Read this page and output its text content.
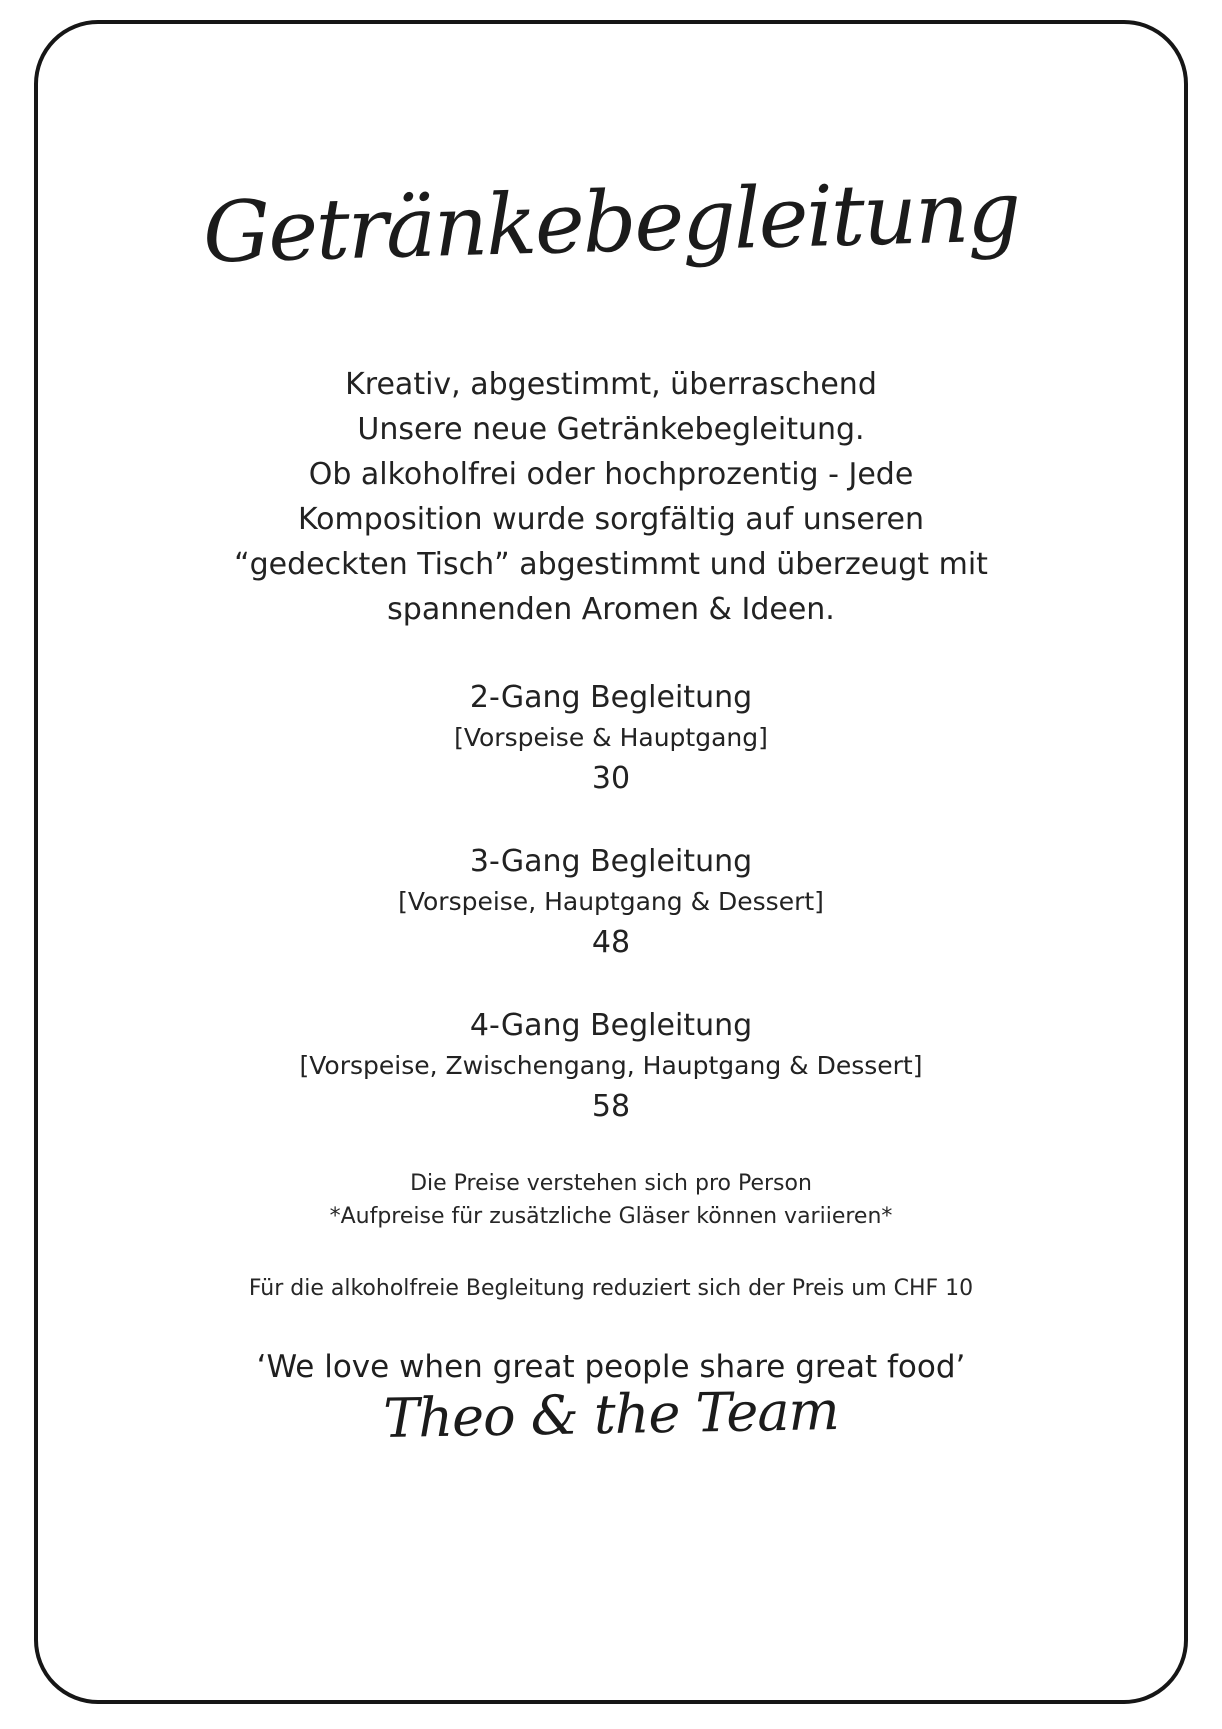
Getränkebegleitung
Kreativ, abgestimmt, überraschend
Unsere neue Getränkebegleitung.
Ob alkoholfrei oder hochprozentig - Jede
Komposition wurde sorgfältig auf unseren
“gedeckten Tisch” abgestimmt und überzeugt mit
spannenden Aromen & Ideen.
2-Gang Begleitung
[Vorspeise & Hauptgang]
30
3-Gang Begleitung
[Vorspeise, Hauptgang & Dessert]
48
4-Gang Begleitung
[Vorspeise, Zwischengang, Hauptgang & Dessert]
58
Die Preise verstehen sich pro Person
*Aufpreise für zusätzliche Gläser können variieren*
Für die alkoholfreie Begleitung reduziert sich der Preis um CHF 10
‘We love when great people share great food’
Theo & the Team
